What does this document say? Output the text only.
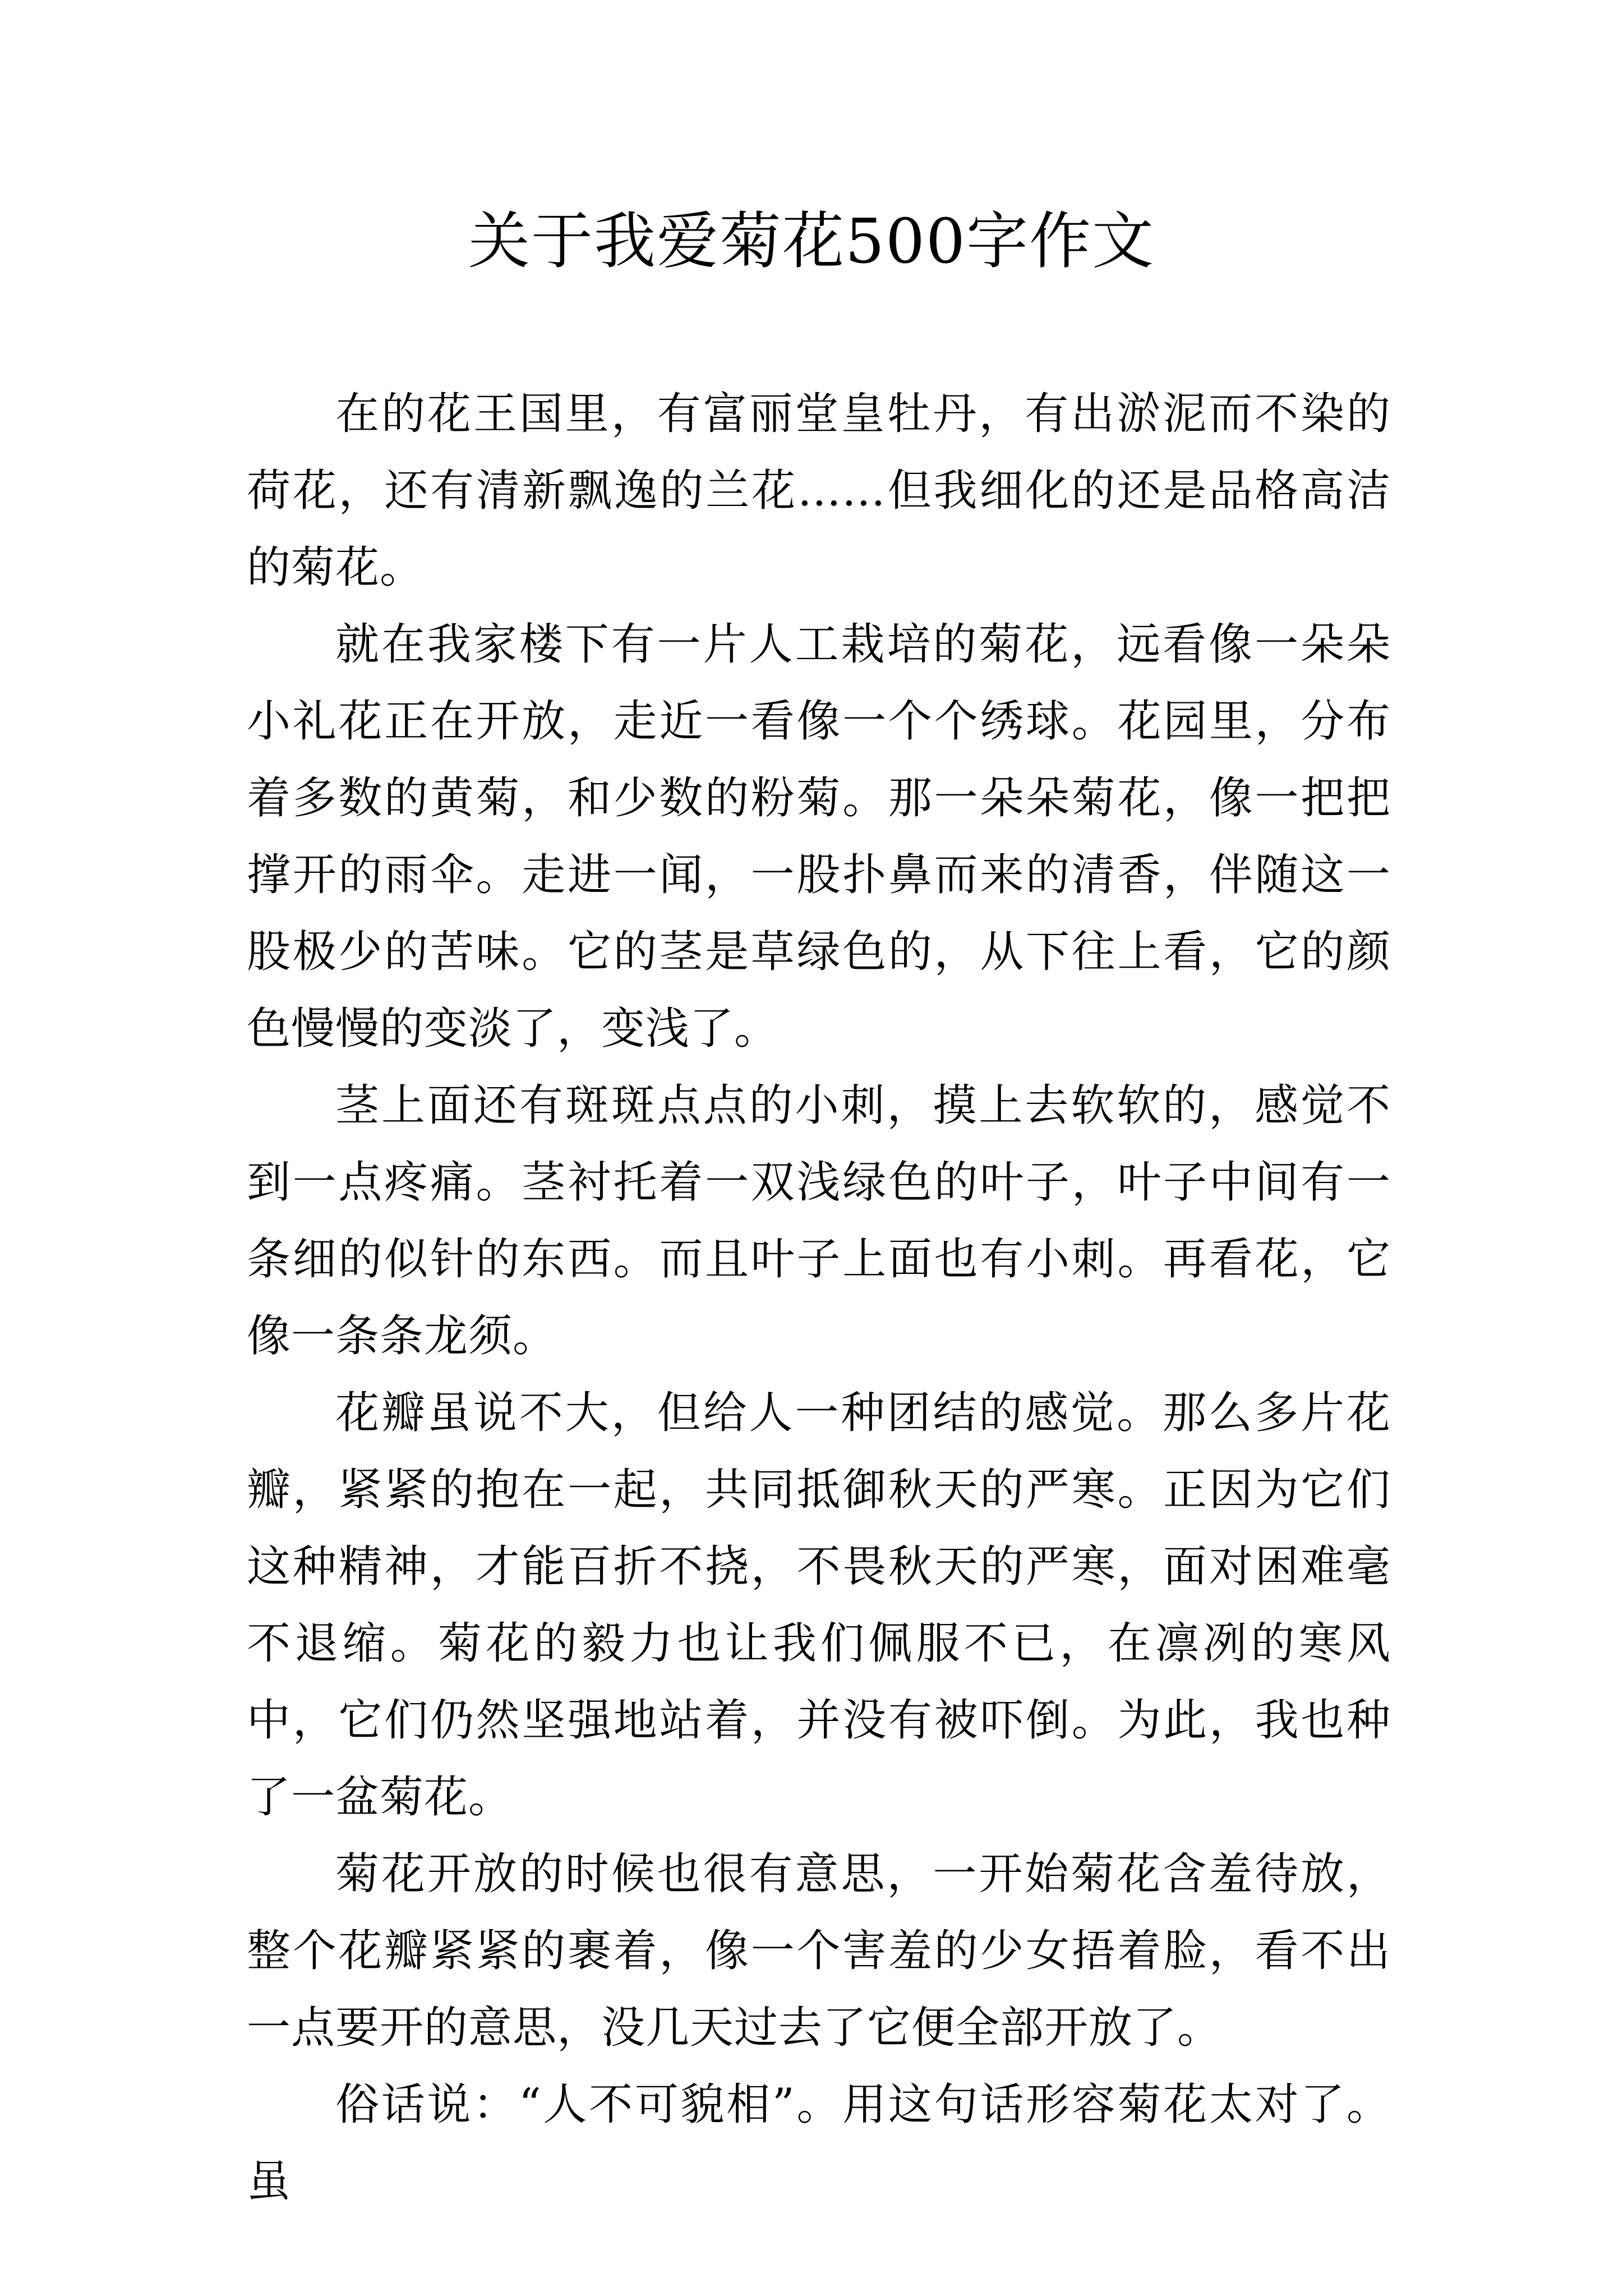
关于我爱菊花500字作文

在的花王国里，有富丽堂皇牡丹，有出淤泥而不染的荷花，还有清新飘逸的兰花……但我细化的还是品格高洁的菊花。

就在我家楼下有一片人工栽培的菊花，远看像一朵朵小礼花正在开放，走近一看像一个个绣球。花园里，分布着多数的黄菊，和少数的粉菊。那一朵朵菊花，像一把把撑开的雨伞。走进一闻，一股扑鼻而来的清香，伴随这一股极少的苦味。它的茎是草绿色的，从下往上看，它的颜色慢慢的变淡了，变浅了。

茎上面还有斑斑点点的小刺，摸上去软软的，感觉不到一点疼痛。茎衬托着一双浅绿色的叶子，叶子中间有一条细的似针的东西。而且叶子上面也有小刺。再看花，它像一条条龙须。

花瓣虽说不大，但给人一种团结的感觉。那么多片花瓣，紧紧的抱在一起，共同抵御秋天的严寒。正因为它们这种精神，才能百折不挠，不畏秋天的严寒，面对困难毫不退缩。菊花的毅力也让我们佩服不已，在凛冽的寒风中，它们仍然坚强地站着，并没有被吓倒。为此，我也种了一盆菊花。

菊花开放的时候也很有意思，一开始菊花含羞待放，整个花瓣紧紧的裹着，像一个害羞的少女捂着脸，看不出一点要开的意思，没几天过去了它便全部开放了。

俗话说：“人不可貌相”。用这句话形容菊花太对了。虽
